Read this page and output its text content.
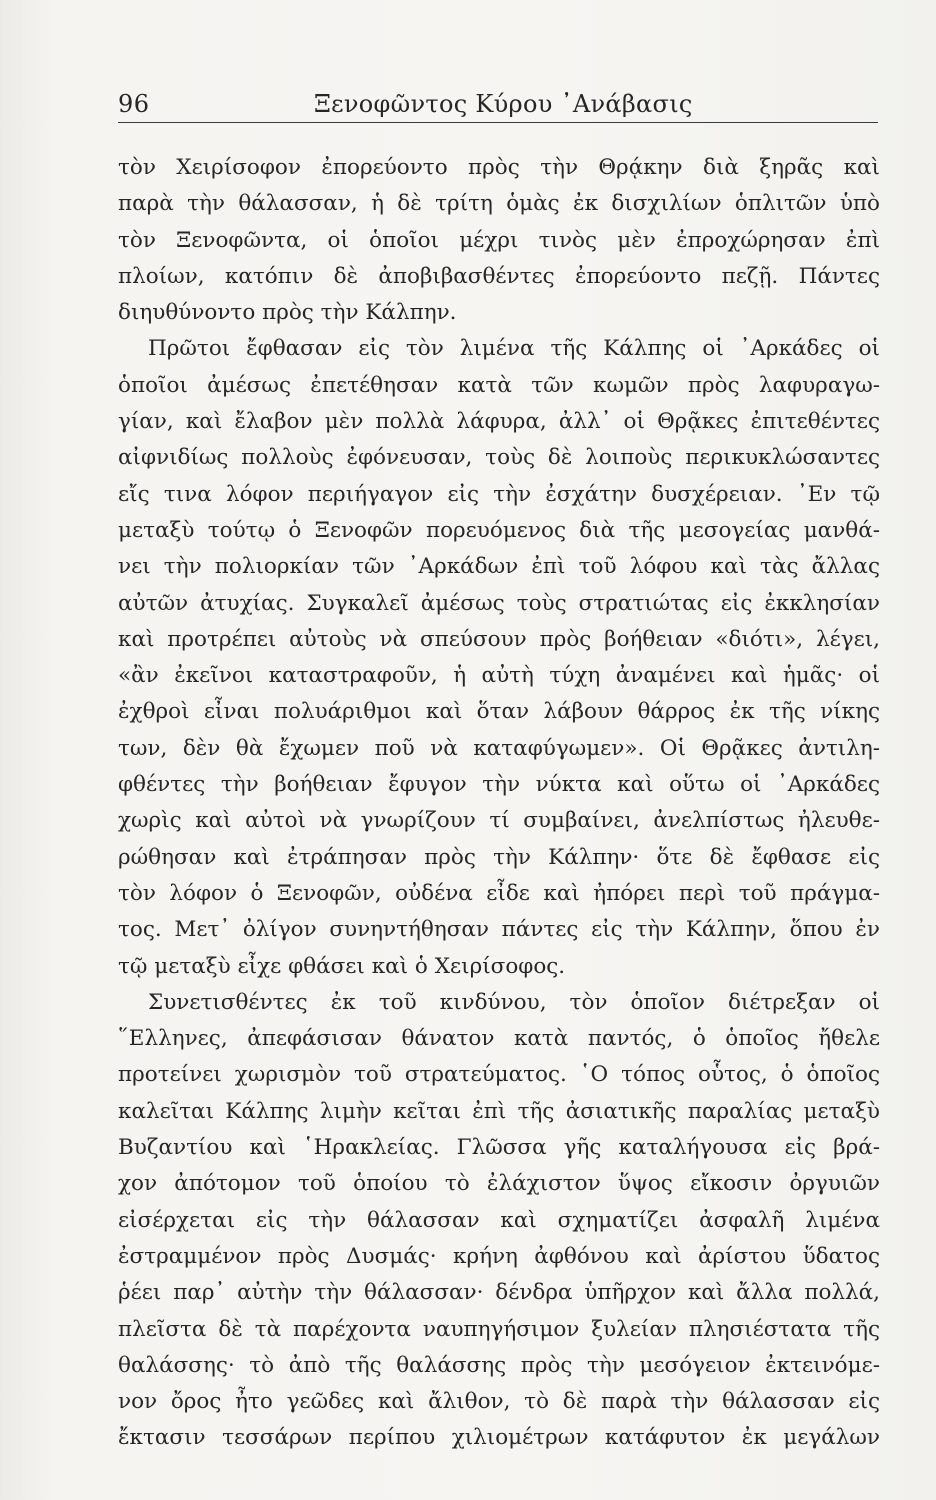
96	Ξενοφῶντος Κύρου ᾿Ανάβασις
τὸν Χειρίσοφον ἐπορεύοντο πρὸς τὴν Θρᾴκην διὰ ξηρᾶς καὶ
παρὰ τὴν θάλασσαν, ἡ δὲ τρίτη ὁμὰς ἐκ δισχιλίων ὁπλιτῶν ὑπὸ
τὸν Ξενοφῶντα, οἱ ὁποῖοι μέχρι τινὸς μὲν ἐπροχώρησαν ἐπὶ
πλοίων, κατόπιν δὲ ἀποβιβασθέντες ἐπορεύοντο πεζῇ. Πάντες
διηυθύνοντο πρὸς τὴν Κάλπην.
Πρῶτοι ἔφθασαν εἰς τὸν λιμένα τῆς Κάλπης οἱ ᾿Αρκάδες οἱ
ὁποῖοι ἀμέσως ἐπετέθησαν κατὰ τῶν κωμῶν πρὸς λαφυραγω-
γίαν, καὶ ἔλαβον μὲν πολλὰ λάφυρα, ἀλλ᾿ οἱ Θρᾷκες ἐπιτεθέντες
αἰφνιδίως πολλοὺς ἐφόνευσαν, τοὺς δὲ λοιποὺς περικυκλώσαντες
εἴς τινα λόφον περιήγαγον εἰς τὴν ἐσχάτην δυσχέρειαν. ᾿Εν τῷ
μεταξὺ τούτῳ ὁ Ξενοφῶν πορευόμενος διὰ τῆς μεσογείας μανθά-
νει τὴν πολιορκίαν τῶν ᾿Αρκάδων ἐπὶ τοῦ λόφου καὶ τὰς ἄλλας
αὐτῶν ἀτυχίας. Συγκαλεῖ ἀμέσως τοὺς στρατιώτας εἰς ἐκκλησίαν
καὶ προτρέπει αὐτοὺς νὰ σπεύσουν πρὸς βοήθειαν «διότι», λέγει,
«ἂν ἐκεῖνοι καταστραφοῦν, ἡ αὐτὴ τύχη ἀναμένει καὶ ἡμᾶς· οἱ
ἐχθροὶ εἶναι πολυάριθμοι καὶ ὅταν λάβουν θάρρος ἐκ τῆς νίκης
των, δὲν θὰ ἔχωμεν ποῦ νὰ καταφύγωμεν». Οἱ Θρᾷκες ἀντιλη-
φθέντες τὴν βοήθειαν ἔφυγον τὴν νύκτα καὶ οὕτω οἱ ᾿Αρκάδες
χωρὶς καὶ αὐτοὶ νὰ γνωρίζουν τί συμβαίνει, ἀνελπίστως ἠλευθε-
ρώθησαν καὶ ἐτράπησαν πρὸς τὴν Κάλπην· ὅτε δὲ ἔφθασε εἰς
τὸν λόφον ὁ Ξενοφῶν, οὐδένα εἶδε καὶ ἠπόρει περὶ τοῦ πράγμα-
τος. Μετ᾿ ὀλίγον συνηντήθησαν πάντες εἰς τὴν Κάλπην, ὅπου ἐν
τῷ μεταξὺ εἶχε φθάσει καὶ ὁ Χειρίσοφος.
Συνετισθέντες ἐκ τοῦ κινδύνου, τὸν ὁποῖον διέτρεξαν οἱ
῞Ελληνες, ἀπεφάσισαν θάνατον κατὰ παντός, ὁ ὁποῖος ἤθελε
προτείνει χωρισμὸν τοῦ στρατεύματος. ῾Ο τόπος οὗτος, ὁ ὁποῖος
καλεῖται Κάλπης λιμὴν κεῖται ἐπὶ τῆς ἀσιατικῆς παραλίας μεταξὺ
Βυζαντίου καὶ ῾Ηρακλείας. Γλῶσσα γῆς καταλήγουσα εἰς βρά-
χον ἀπότομον τοῦ ὁποίου τὸ ἐλάχιστον ὕψος εἴκοσιν ὀργυιῶν
εἰσέρχεται εἰς τὴν θάλασσαν καὶ σχηματίζει ἀσφαλῆ λιμένα
ἐστραμμένον πρὸς Δυσμάς· κρήνη ἀφθόνου καὶ ἀρίστου ὕδατος
ῥέει παρ᾿ αὐτὴν τὴν θάλασσαν· δένδρα ὑπῆρχον καὶ ἄλλα πολλά,
πλεῖστα δὲ τὰ παρέχοντα ναυπηγήσιμον ξυλείαν πλησιέστατα τῆς
θαλάσσης· τὸ ἀπὸ τῆς θαλάσσης πρὸς τὴν μεσόγειον ἐκτεινόμε-
νον ὄρος ἦτο γεῶδες καὶ ἄλιθον, τὸ δὲ παρὰ τὴν θάλασσαν εἰς
ἔκτασιν τεσσάρων περίπου χιλιομέτρων κατάφυτον ἐκ μεγάλων
